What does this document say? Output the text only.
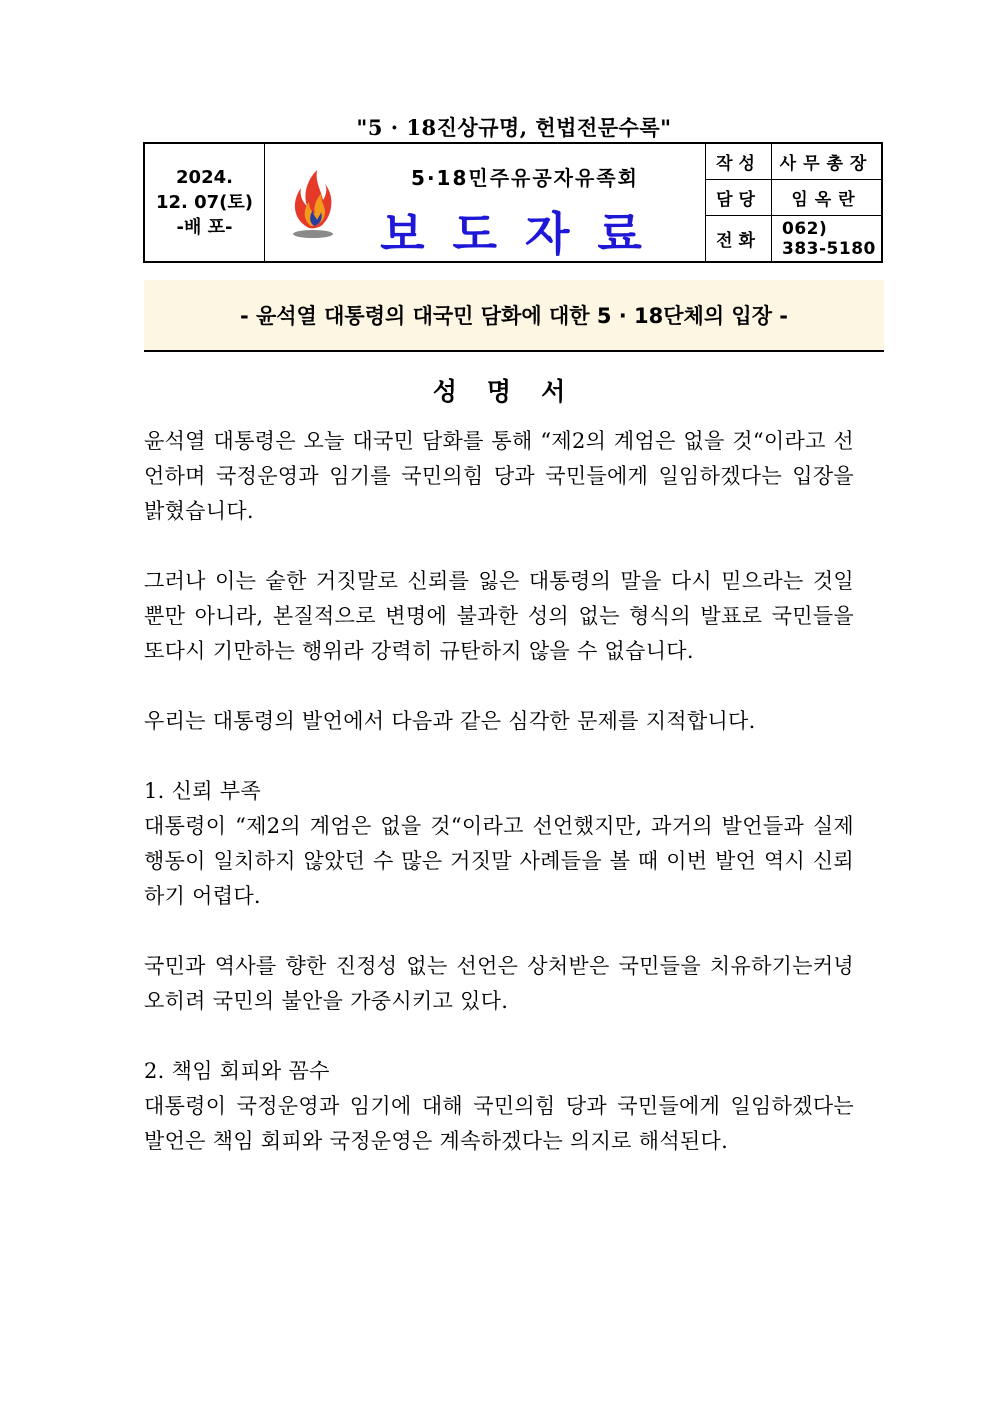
"5 · 18진상규명, 헌법전문수록"
2024.
12. 07(토)
-배 포-
5·18민주유공자유족회
보도자료
작성	사무총장
담당	임옥란
전화
062)
383-5180
- 윤석열 대통령의 대국민 담화에 대한 5 · 18단체의 입장 -
성명서

윤석열 대통령은 오늘 대국민 담화를 통해 “제2의 계엄은 없을 것“이라고 선언하며 국정운영과 임기를 국민의힘 당과 국민들에게 일임하겠다는 입장을 밝혔습니다.

그러나 이는 숱한 거짓말로 신뢰를 잃은 대통령의 말을 다시 믿으라는 것일 뿐만 아니라, 본질적으로 변명에 불과한 성의 없는 형식의 발표로 국민들을 또다시 기만하는 행위라 강력히 규탄하지 않을 수 없습니다.

우리는 대통령의 발언에서 다음과 같은 심각한 문제를 지적합니다.

1. 신뢰 부족

대통령이 “제2의 계엄은 없을 것“이라고 선언했지만, 과거의 발언들과 실제 행동이 일치하지 않았던 수 많은 거짓말 사례들을 볼 때 이번 발언 역시 신뢰하기 어렵다.

국민과 역사를 향한 진정성 없는 선언은 상처받은 국민들을 치유하기는커녕 오히려 국민의 불안을 가중시키고 있다.

2. 책임 회피와 꼼수

대통령이 국정운영과 임기에 대해 국민의힘 당과 국민들에게 일임하겠다는 발언은 책임 회피와 국정운영은 계속하겠다는 의지로 해석된다.
